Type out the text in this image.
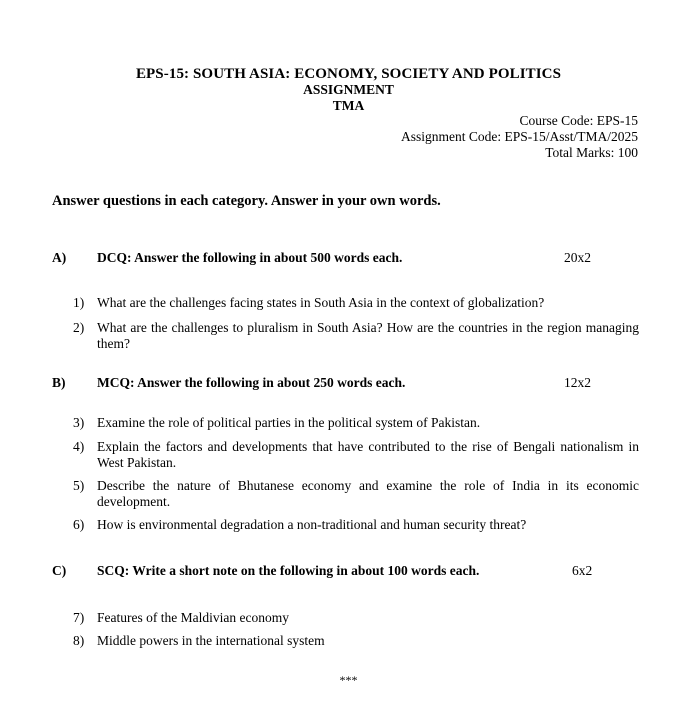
EPS-15: SOUTH ASIA: ECONOMY, SOCIETY AND POLITICS
ASSIGNMENT
TMA
Course Code: EPS-15
Assignment Code: EPS-15/Asst/TMA/2025
Total Marks: 100
Answer questions in each category. Answer in your own words.
A) DCQ: Answer the following in about 500 words each.	20x2
1) What are the challenges facing states in South Asia in the context of globalization?
2) What are the challenges to pluralism in South Asia? How are the countries in the region managing them?
B) MCQ: Answer the following in about 250 words each.	12x2
3) Examine the role of political parties in the political system of Pakistan.
4) Explain the factors and developments that have contributed to the rise of Bengali nationalism in West Pakistan.
5) Describe the nature of Bhutanese economy and examine the role of India in its economic development.
6) How is environmental degradation a non-traditional and human security threat?
C) SCQ: Write a short note on the following in about 100 words each.	6x2
7) Features of the Maldivian economy
8) Middle powers in the international system
***
